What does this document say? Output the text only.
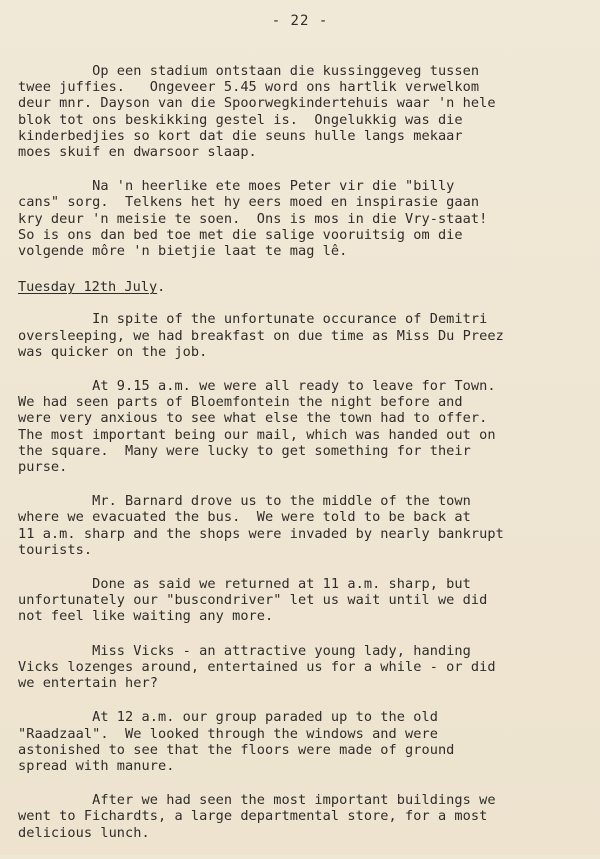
- 22 -

Op een stadium ontstaan die kussinggeveg tussen
twee juffies.   Ongeveer 5.45 word ons hartlik verwelkom
deur mnr. Dayson van die Spoorwegkindertehuis waar 'n hele
blok tot ons beskikking gestel is.  Ongelukkig was die
kinderbedjies so kort dat die seuns hulle langs mekaar
moes skuif en dwarsoor slaap.

Na 'n heerlike ete moes Peter vir die "billy
cans" sorg.  Telkens het hy eers moed en inspirasie gaan
kry deur 'n meisie te soen.  Ons is mos in die Vry-staat!
So is ons dan bed toe met die salige vooruitsig om die
volgende môre 'n bietjie laat te mag lê.

Tuesday 12th July.

In spite of the unfortunate occurance of Demitri
oversleeping, we had breakfast on due time as Miss Du Preez
was quicker on the job.

At 9.15 a.m. we were all ready to leave for Town.
We had seen parts of Bloemfontein the night before and
were very anxious to see what else the town had to offer.
The most important being our mail, which was handed out on
the square.  Many were lucky to get something for their
purse.

Mr. Barnard drove us to the middle of the town
where we evacuated the bus.  We were told to be back at
11 a.m. sharp and the shops were invaded by nearly bankrupt
tourists.

Done as said we returned at 11 a.m. sharp, but
unfortunately our "buscondriver" let us wait until we did
not feel like waiting any more.

Miss Vicks - an attractive young lady, handing
Vicks lozenges around, entertained us for a while - or did
we entertain her?

At 12 a.m. our group paraded up to the old
"Raadzaal".  We looked through the windows and were
astonished to see that the floors were made of ground
spread with manure.

After we had seen the most important buildings we
went to Fichardts, a large departmental store, for a most
delicious lunch.
